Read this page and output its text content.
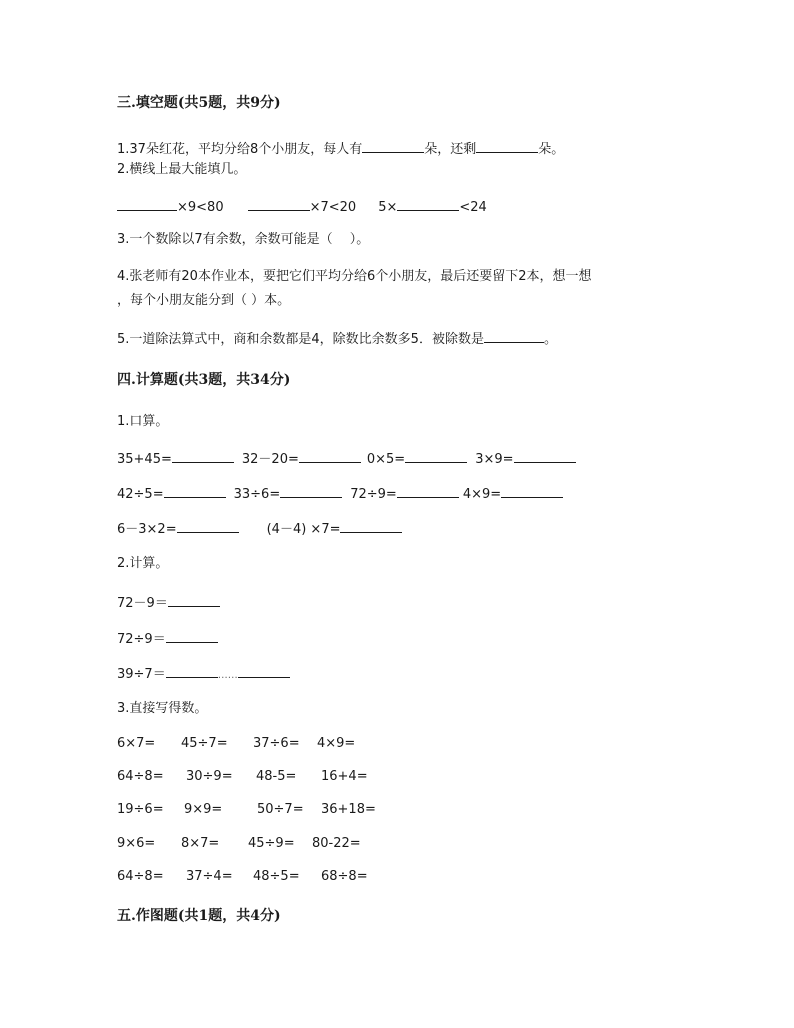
三.填空题(共5题，共9分)
1.37朵红花，平均分给8个小朋友，每人有	朵，还剩	朵。
2.横线上最大能填几。
×9<80	×7<20 5×	<24
3.一个数除以7有余数，余数可能是（　 ）。
4.张老师有20本作业本，要把它们平均分给6个小朋友，最后还要留下2本，想一想
，每个小朋友能分到（ ）本。
5.一道除法算式中，商和余数都是4，除数比余数多5．被除数是	。
四.计算题(共3题，共34分)
1.口算。
35+45=	32－20=	0×5=	3×9=
42÷5=	33÷6=	72÷9=	4×9=
6－3×2=	(4－4) ×7=
2.计算。
72－9＝
72÷9＝
39÷7＝	……
3.直接写得数。
6×7= 45÷7= 37÷6= 4×9=
64÷8= 30÷9= 48-5= 16+4=
19÷6= 9×9=	50÷7= 36+18=
9×6= 8×7= 45÷9= 80-22=
64÷8= 37÷4= 48÷5= 68÷8=
五.作图题(共1题，共4分)
